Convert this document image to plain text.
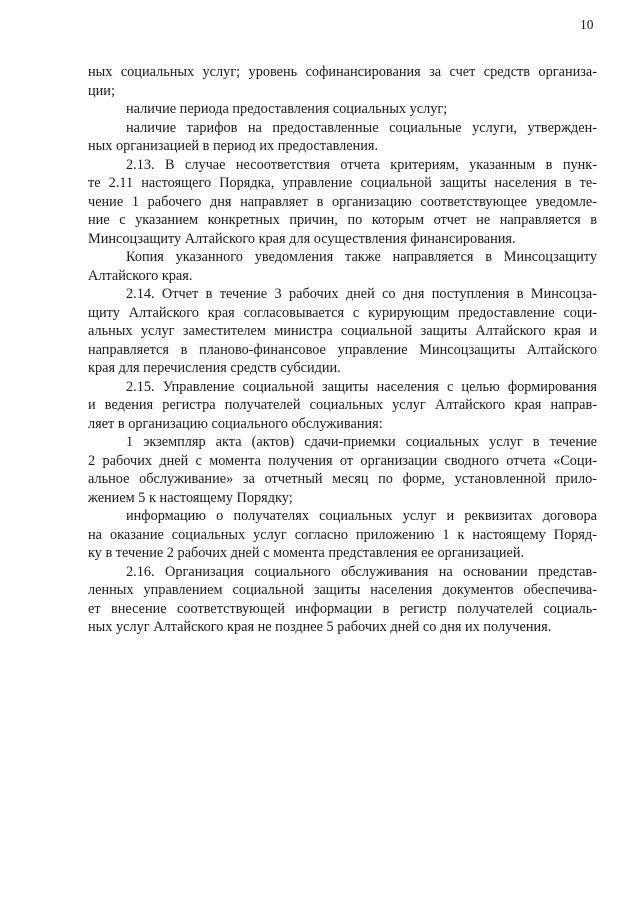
10

ных социальных услуг; уровень софинансирования за счет средств организа-
ции;

наличие периода предоставления социальных услуг;

наличие тарифов на предоставленные социальные услуги, утвержден-
ных организацией в период их предоставления.

2.13. В случае несоответствия отчета критериям, указанным в пунк-
те 2.11 настоящего Порядка, управление социальной защиты населения в те-
чение 1 рабочего дня направляет в организацию соответствующее уведомле-
ние с указанием конкретных причин, по которым отчет не направляется в
Минсоцзащиту Алтайского края для осуществления финансирования.

Копия указанного уведомления также направляется в Минсоцзащиту
Алтайского края.

2.14. Отчет в течение 3 рабочих дней со дня поступления в Минсоцза-
щиту Алтайского края согласовывается с курирующим предоставление соци-
альных услуг заместителем министра социальной защиты Алтайского края и
направляется в планово-финансовое управление Минсоцзащиты Алтайского
края для перечисления средств субсидии.

2.15. Управление социальной защиты населения с целью формирования
и ведения регистра получателей социальных услуг Алтайского края направ-
ляет в организацию социального обслуживания:

1 экземпляр акта (актов) сдачи-приемки социальных услуг в течение
2 рабочих дней с момента получения от организации сводного отчета «Соци-
альное обслуживание» за отчетный месяц по форме, установленной прило-
жением 5 к настоящему Порядку;

информацию о получателях социальных услуг и реквизитах договора
на оказание социальных услуг согласно приложению 1 к настоящему Поряд-
ку в течение 2 рабочих дней с момента представления ее организацией.

2.16. Организация социального обслуживания на основании представ-
ленных управлением социальной защиты населения документов обеспечива-
ет внесение соответствующей информации в регистр получателей социаль-
ных услуг Алтайского края не позднее 5 рабочих дней со дня их получения.
